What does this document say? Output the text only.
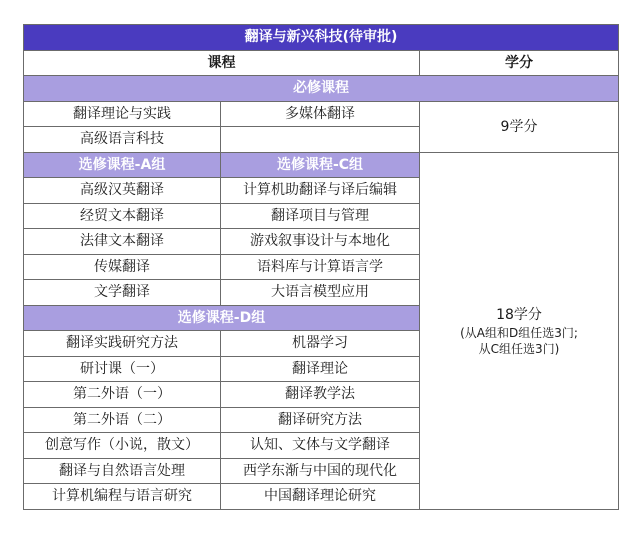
翻译与新兴科技(待审批)		
课程		学分
必修课程		
翻译理论与实践	多媒体翻译	9学分

高级语言科技		
选修课程-A组	选修课程-C组	18学分
(从A组和D组任选3门;
从C组任选3门)

高级汉英翻译	计算机助翻译与译后编辑	
经贸文本翻译	翻译项目与管理	
法律文本翻译	游戏叙事设计与本地化	
传媒翻译	语料库与计算语言学	
文学翻译	大语言模型应用	
选修课程-D组		
翻译实践研究方法	机器学习	
研讨课（一）	翻译理论	
第二外语（一）	翻译教学法	
第二外语（二）	翻译研究方法	
创意写作（小说，散文）	认知、文体与文学翻译	
翻译与自然语言处理	西学东渐与中国的现代化	
计算机编程与语言研究	中国翻译理论研究	
